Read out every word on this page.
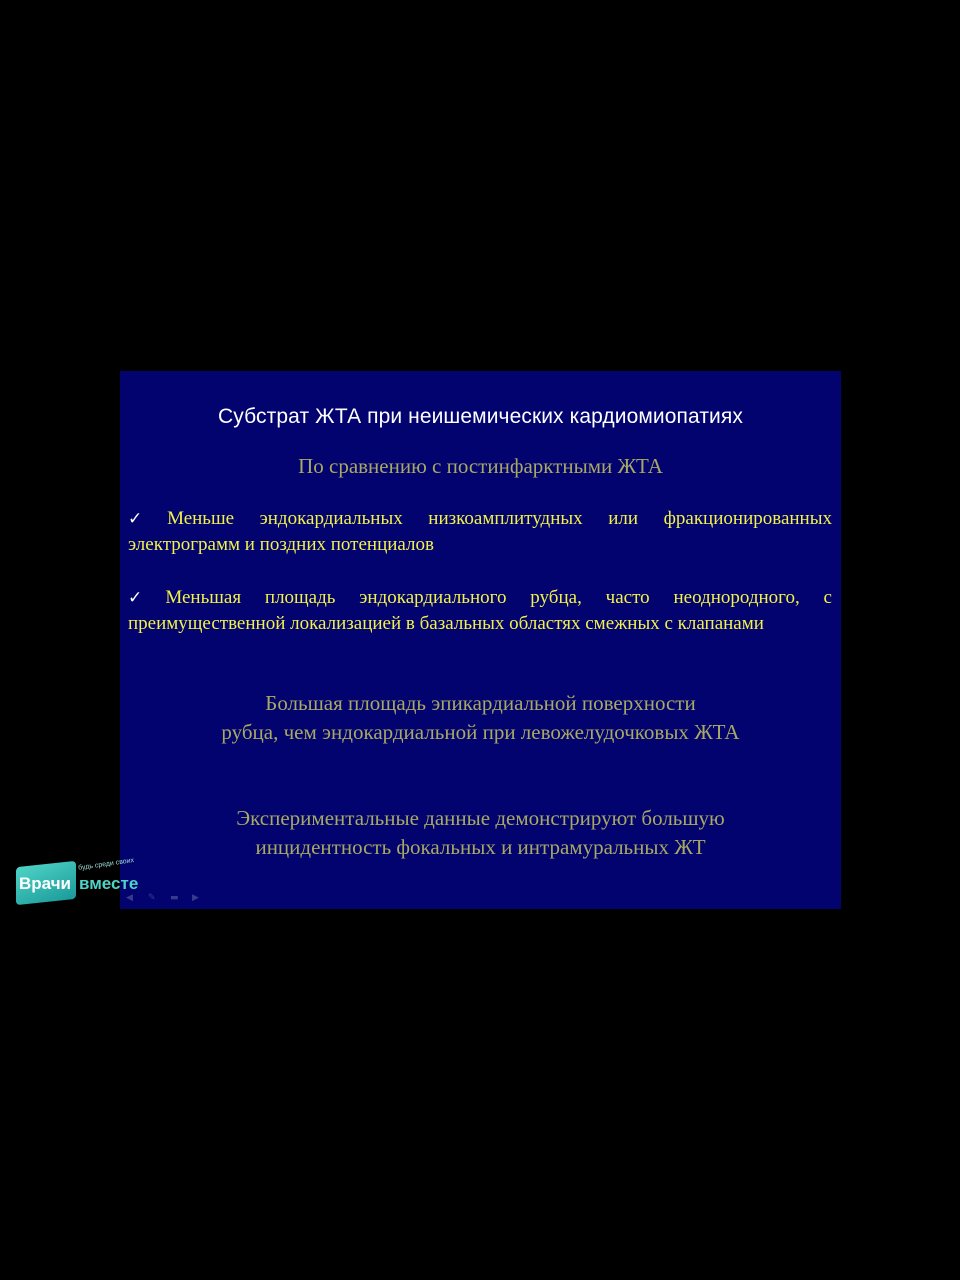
Субстрат ЖТА при неишемических кардиомиопатиях
По сравнению с постинфарктными ЖТА
✓ Меньше эндокардиальных низкоамплитудных или фракционированных электрограмм и поздних потенциалов
✓ Меньшая площадь эндокардиального рубца, часто неоднородного, с преимущественной локализацией в базальных областях смежных с клапанами
Большая площадь эпикардиальной поверхности
рубца, чем эндокардиальной при левожелудочковых ЖТА
Экспериментальные данные демонстрируют большую
инцидентность фокальных и интрамуральных ЖТ
◀	✎	▬	▶
Врачи вместе
будь среди своих
